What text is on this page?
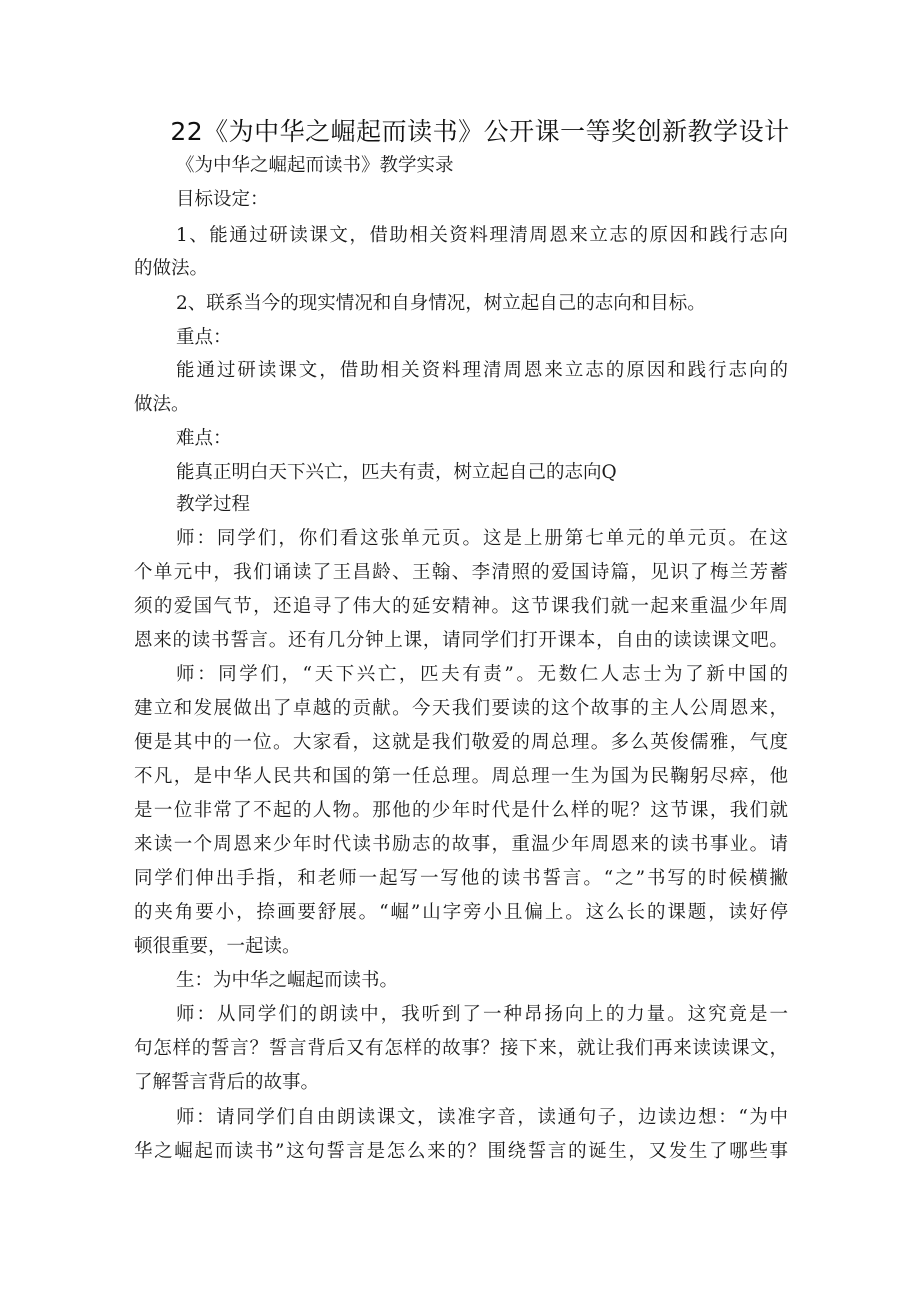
22《为中华之崛起而读书》公开课一等奖创新教学设计
《为中华之崛起而读书》教学实录
目标设定：
1、能通过研读课文，借助相关资料理清周恩来立志的原因和践行志向
的做法。
2、联系当今的现实情况和自身情况，树立起自己的志向和目标。
重点：
能通过研读课文，借助相关资料理清周恩来立志的原因和践行志向的
做法。
难点：
能真正明白天下兴亡，匹夫有责，树立起自己的志向Q
教学过程
师：同学们，你们看这张单元页。这是上册第七单元的单元页。在这
个单元中，我们诵读了王昌龄、王翰、李清照的爱国诗篇，见识了梅兰芳蓄
须的爱国气节，还追寻了伟大的延安精神。这节课我们就一起来重温少年周
恩来的读书誓言。还有几分钟上课，请同学们打开课本，自由的读读课文吧。
师：同学们，“天下兴亡，匹夫有责”。无数仁人志士为了新中国的
建立和发展做出了卓越的贡献。今天我们要读的这个故事的主人公周恩来，
便是其中的一位。大家看，这就是我们敬爱的周总理。多么英俊儒雅，气度
不凡，是中华人民共和国的第一任总理。周总理一生为国为民鞠躬尽瘁，他
是一位非常了不起的人物。那他的少年时代是什么样的呢？这节课，我们就
来读一个周恩来少年时代读书励志的故事，重温少年周恩来的读书事业。请
同学们伸出手指，和老师一起写一写他的读书誓言。“之”书写的时候横撇
的夹角要小，捺画要舒展。“崛”山字旁小且偏上。这么长的课题，读好停
顿很重要，一起读。
生：为中华之崛起而读书。
师：从同学们的朗读中，我听到了一种昂扬向上的力量。这究竟是一
句怎样的誓言？誓言背后又有怎样的故事？接下来，就让我们再来读读课文，
了解誓言背后的故事。
师：请同学们自由朗读课文，读准字音，读通句子，边读边想：“为中
华之崛起而读书”这句誓言是怎么来的？围绕誓言的诞生，又发生了哪些事
